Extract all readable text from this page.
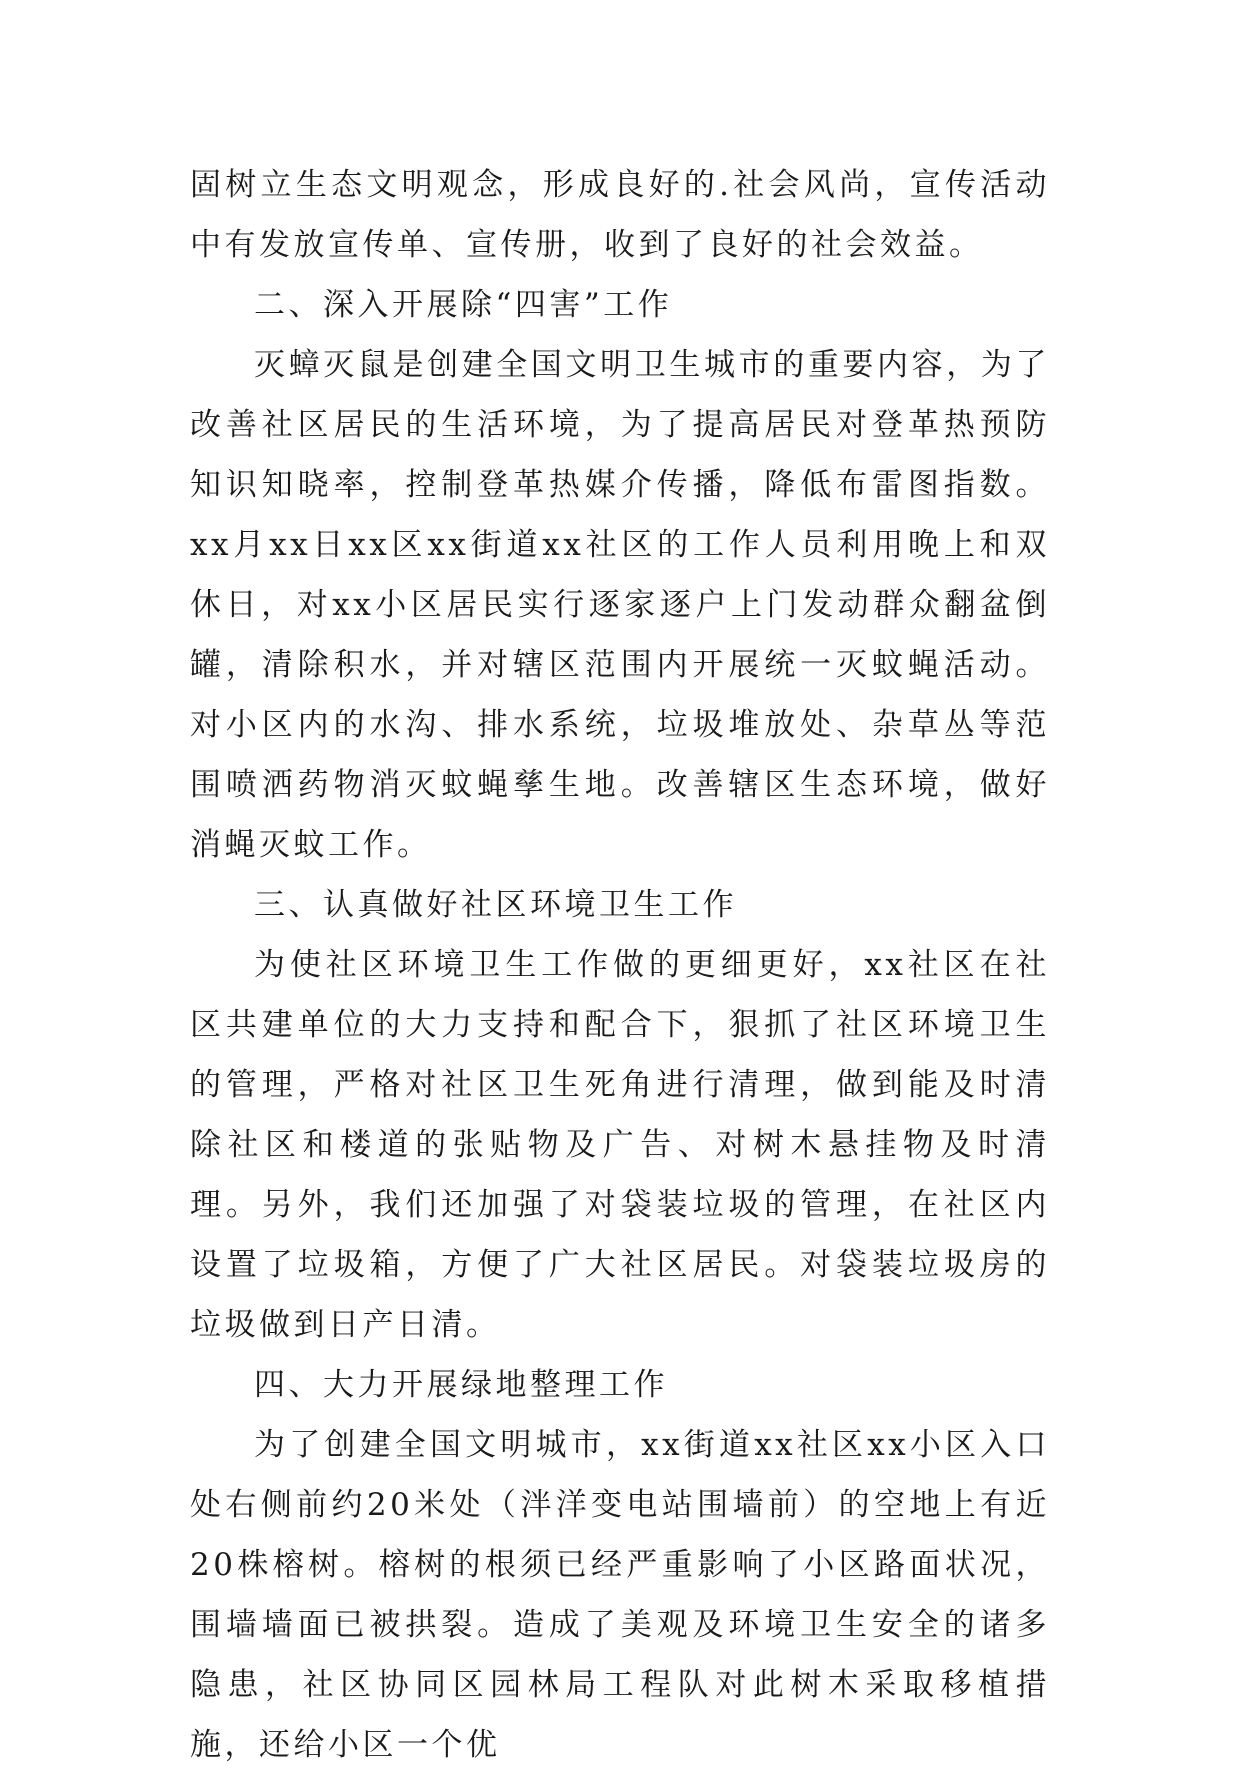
固树立生态文明观念，形成良好的.社会风尚，宣传活动中有发放宣传单、宣传册，收到了良好的社会效益。

二、深入开展除“四害”工作

灭蟑灭鼠是创建全国文明卫生城市的重要内容，为了改善社区居民的生活环境，为了提高居民对登革热预防知识知晓率，控制登革热媒介传播，降低布雷图指数。xx月xx日xx区xx街道xx社区的工作人员利用晚上和双休日，对xx小区居民实行逐家逐户上门发动群众翻盆倒罐，清除积水，并对辖区范围内开展统一灭蚊蝇活动。对小区内的水沟、排水系统，垃圾堆放处、杂草丛等范围喷洒药物消灭蚊蝇孳生地。改善辖区生态环境，做好消蝇灭蚊工作。

三、认真做好社区环境卫生工作

为使社区环境卫生工作做的更细更好，xx社区在社区共建单位的大力支持和配合下，狠抓了社区环境卫生的管理，严格对社区卫生死角进行清理，做到能及时清除社区和楼道的张贴物及广告、对树木悬挂物及时清理。另外，我们还加强了对袋装垃圾的管理，在社区内设置了垃圾箱，方便了广大社区居民。对袋装垃圾房的垃圾做到日产日清。

四、大力开展绿地整理工作

为了创建全国文明城市，xx街道xx社区xx小区入口处右侧前约20米处（泮洋变电站围墙前）的空地上有近20株榕树。榕树的根须已经严重影响了小区路面状况，围墙墙面已被拱裂。造成了美观及环境卫生安全的诸多隐患，社区协同区园林局工程队对此树木采取移植措施，还给小区一个优
